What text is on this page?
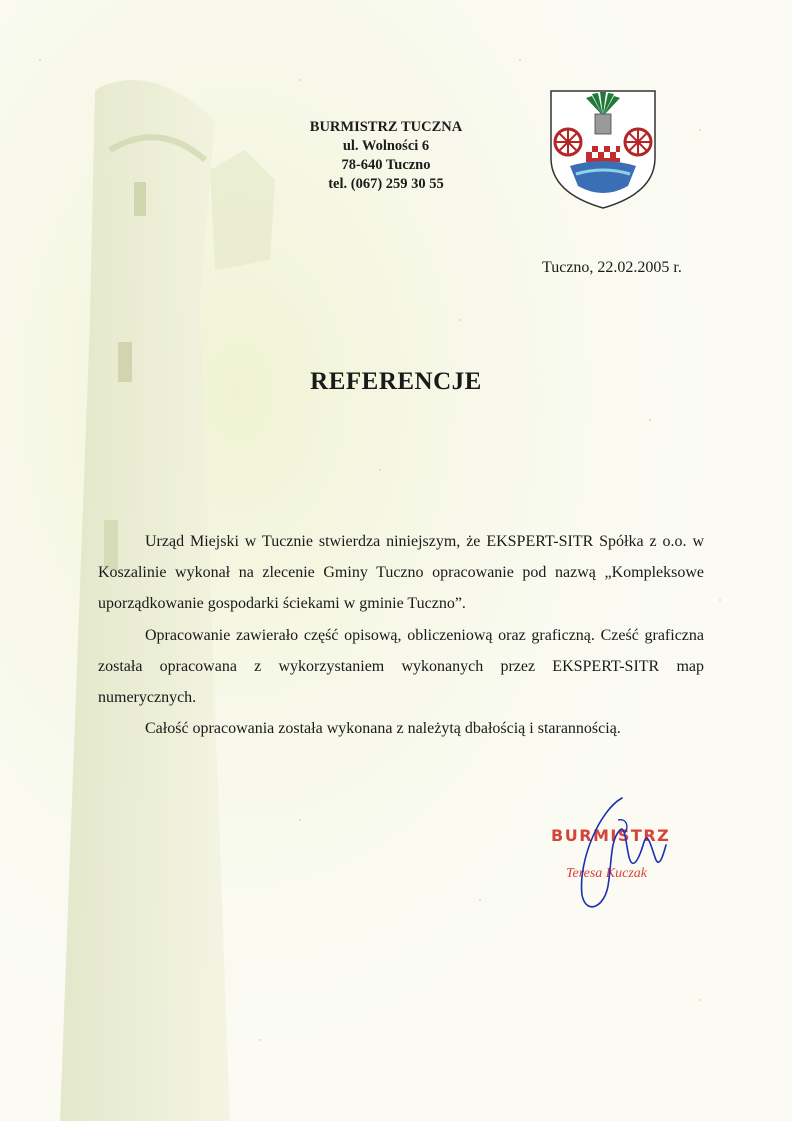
BURMISTRZ TUCZNA
ul. Wolności 6
78-640 Tuczno
tel. (067) 259 30 55
Tuczno, 22.02.2005 r.
REFERENCJE

Urząd Miejski w Tucznie stwierdza niniejszym, że EKSPERT-SITR Spółka z o.o. w Koszalinie wykonał na zlecenie Gminy Tuczno opracowanie pod nazwą „Kompleksowe uporządkowanie gospodarki ściekami w gminie Tuczno”.

Opracowanie zawierało część opisową, obliczeniową oraz graficzną. Cześć graficzna została opracowana z wykorzystaniem wykonanych przez EKSPERT-SITR map numerycznych.

Całość opracowania została wykonana z należytą dbałością i starannością.

BURMISTRZ
Teresa Kuczak
